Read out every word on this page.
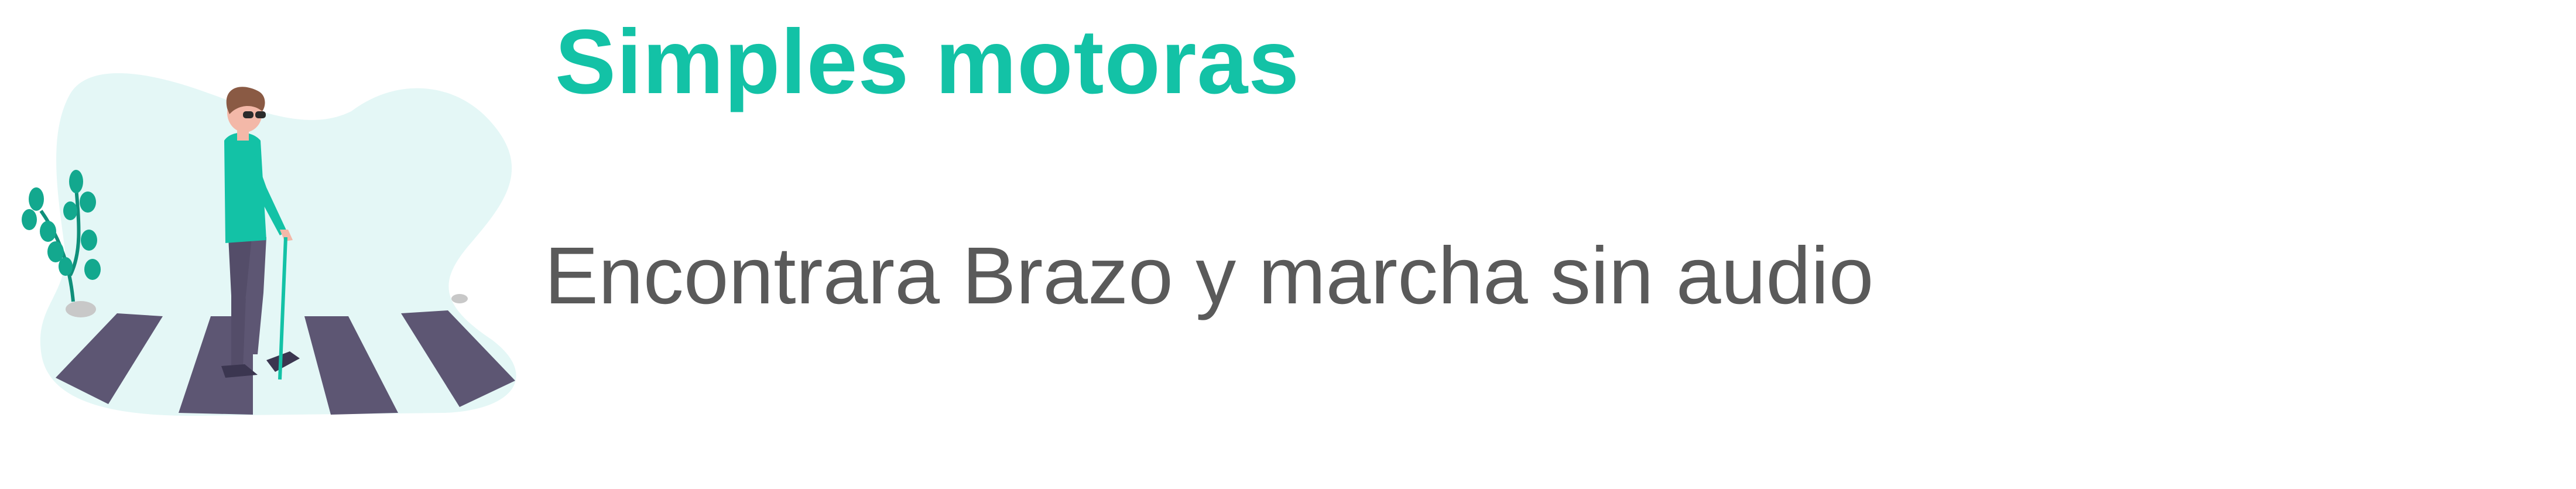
Simples motoras

Encontrara Brazo y marcha sin audio
